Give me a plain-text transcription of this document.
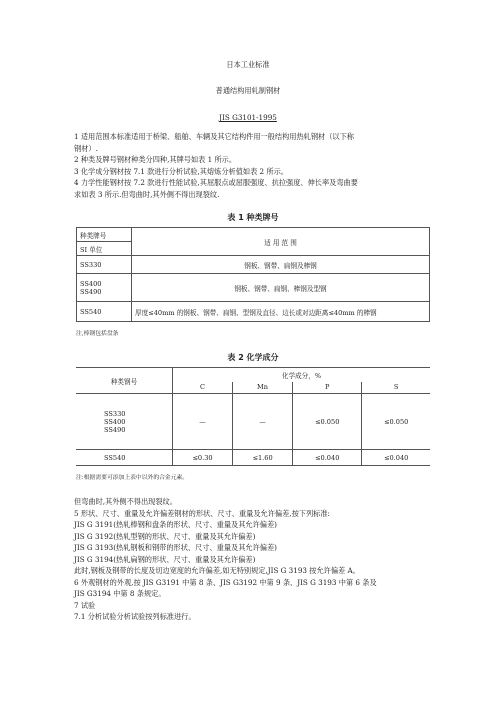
日本工业标准
普通结构用轧制钢材
JIS G3101-1995
1 适用范围本标准适用于桥梁、船舶、车辆及其它结构件用一般结构用热轧钢材（以下称
钢材）.
2 种类及牌号钢材种类分四种,其牌号如表 1 所示。
3 化学成分钢材按 7.1 款进行分析试验,其熔炼分析值如表 2 所示。
4 力学性能钢材按 7.2 款进行性能试验,其屈服点或屈服强度、抗拉强度、伸长率及弯曲要
求如表 3 所示.但弯曲时,其外侧不得出现裂纹.
表 1 种类牌号
种类牌号	适 用 范 围
SI 单位	
SS330	钢板、钢带、扁钢及棒钢
SS400
SS490	钢板、钢带、扁钢、棒钢及型钢
SS540	厚度≤40mm 的钢板、钢带、扁钢、型钢及直径、边长或对边距离≤40mm 的棒钢
注,棒钢包括盘条
表 2 化学成分
种类钢号	化学成分，%			
	C	Mn	P	S
SS330
SS400
SS490	—	—	≤0.050	≤0.050
SS540	≤0.30	≤1.60	≤0.040	≤0.040
注:根据需要可添加上表中以外的合金元素。
但弯曲时,其外侧不得出现裂纹。
5 形状、尺寸、重量及允许偏差钢材的形状、尺寸、重量及允许偏差,按下列标准:
JIS G 3191(热轧棒钢和盘条的形状、尺寸、重量及其允许偏差)
JIS G 3192(热轧型钢的形状、尺寸、重量及其允许偏差)
JIS G 3193(热轧钢板和钢带的形状、尺寸、重量及其允许偏差)
JIS G 3194(热轧扁钢的形状、尺寸、重量及其允许偏差)
此时,钢板及钢带的长度及切边宽度的允许偏差,如无特别规定,JIS G 3193 按允许偏差 A。
6 外观钢材的外观,按 JIS G3191 中第 8 条、JIS G3192 中第 9 条、JIS G 3193 中第 6 条及
JIS G3194 中第 8 条规定。
7 试验
7.1 分析试验分析试验按列标准进行。
